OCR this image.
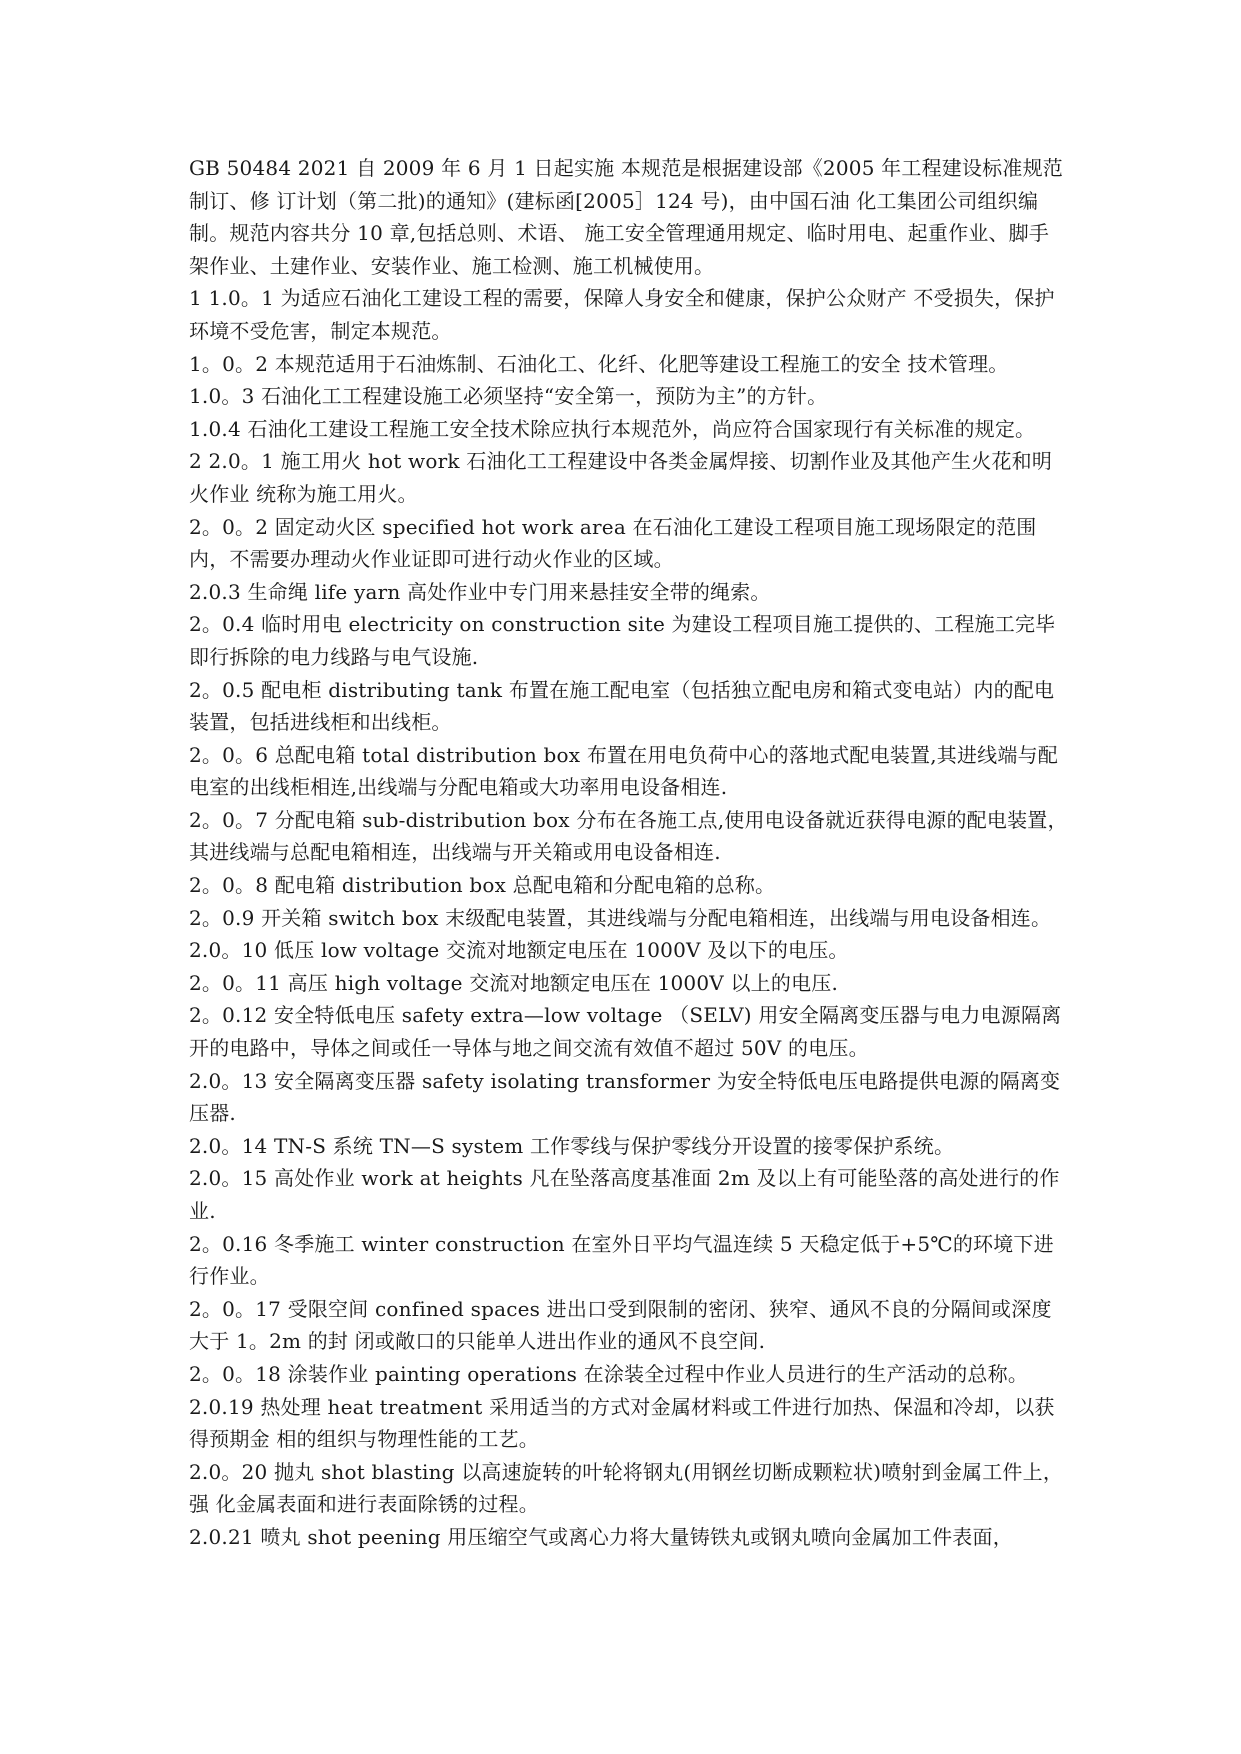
GB 50484 2021 自 2009 年 6 月 1 日起实施 本规范是根据建设部《2005 年工程建设标准规范制订、修 订计划（第二批)的通知》(建标函[2005］124 号)，由中国石油 化工集团公司组织编制。规范内容共分 10 章,包括总则、术语、 施工安全管理通用规定、临时用电、起重作业、脚手架作业、土建作业、安装作业、施工检测、施工机械使用。

1 1.0。1 为适应石油化工建设工程的需要，保障人身安全和健康，保护公众财产 不受损失，保护环境不受危害，制定本规范。

1。0。2 本规范适用于石油炼制、石油化工、化纤、化肥等建设工程施工的安全 技术管理。

1.0。3 石油化工工程建设施工必须坚持“安全第一，预防为主”的方针。

1.0.4 石油化工建设工程施工安全技术除应执行本规范外，尚应符合国家现行有关标准的规定。

2 2.0。1 施工用火 hot work 石油化工工程建设中各类金属焊接、切割作业及其他产生火花和明火作业 统称为施工用火。

2。0。2 固定动火区 specified hot work area 在石油化工建设工程项目施工现场限定的范围内，不需要办理动火作业证即可进行动火作业的区域。

2.0.3 生命绳 life yarn 高处作业中专门用来悬挂安全带的绳索。

2。0.4 临时用电 electricity on construction site 为建设工程项目施工提供的、工程施工完毕即行拆除的电力线路与电气设施.

2。0.5 配电柜 distributing tank 布置在施工配电室（包括独立配电房和箱式变电站）内的配电装置，包括进线柜和出线柜。

2。0。6 总配电箱 total distribution box 布置在用电负荷中心的落地式配电装置,其进线端与配电室的出线柜相连,出线端与分配电箱或大功率用电设备相连.

2。0。7 分配电箱 sub-distribution box 分布在各施工点,使用电设备就近获得电源的配电装置，其进线端与总配电箱相连，出线端与开关箱或用电设备相连.

2。0。8 配电箱 distribution box 总配电箱和分配电箱的总称。

2。0.9 开关箱 switch box 末级配电装置，其进线端与分配电箱相连，出线端与用电设备相连。 2.0。10 低压 low voltage 交流对地额定电压在 1000V 及以下的电压。

2。0。11 高压 high voltage 交流对地额定电压在 1000V 以上的电压.

2。0.12 安全特低电压 safety extra—low voltage （SELV) 用安全隔离变压器与电力电源隔离开的电路中，导体之间或任一导体与地之间交流有效值不超过 50V 的电压。

2.0。13 安全隔离变压器 safety isolating transformer 为安全特低电压电路提供电源的隔离变压器.

2.0。14 TN-S 系统 TN—S system 工作零线与保护零线分开设置的接零保护系统。

2.0。15 高处作业 work at heights 凡在坠落高度基准面 2m 及以上有可能坠落的高处进行的作业.

2。0.16 冬季施工 winter construction 在室外日平均气温连续 5 天稳定低于+5℃的环境下进行作业。

2。0。17 受限空间 confined spaces 进出口受到限制的密闭、狭窄、通风不良的分隔间或深度大于 1。2m 的封 闭或敞口的只能单人进出作业的通风不良空间.

2。0。18 涂装作业 painting operations 在涂装全过程中作业人员进行的生产活动的总称。

2.0.19 热处理 heat treatment 采用适当的方式对金属材料或工件进行加热、保温和冷却，以获得预期金 相的组织与物理性能的工艺。

2.0。20 抛丸 shot blasting 以高速旋转的叶轮将钢丸(用钢丝切断成颗粒状)喷射到金属工件上，强 化金属表面和进行表面除锈的过程。

2.0.21 喷丸 shot peening 用压缩空气或离心力将大量铸铁丸或钢丸喷向金属加工件表面，
